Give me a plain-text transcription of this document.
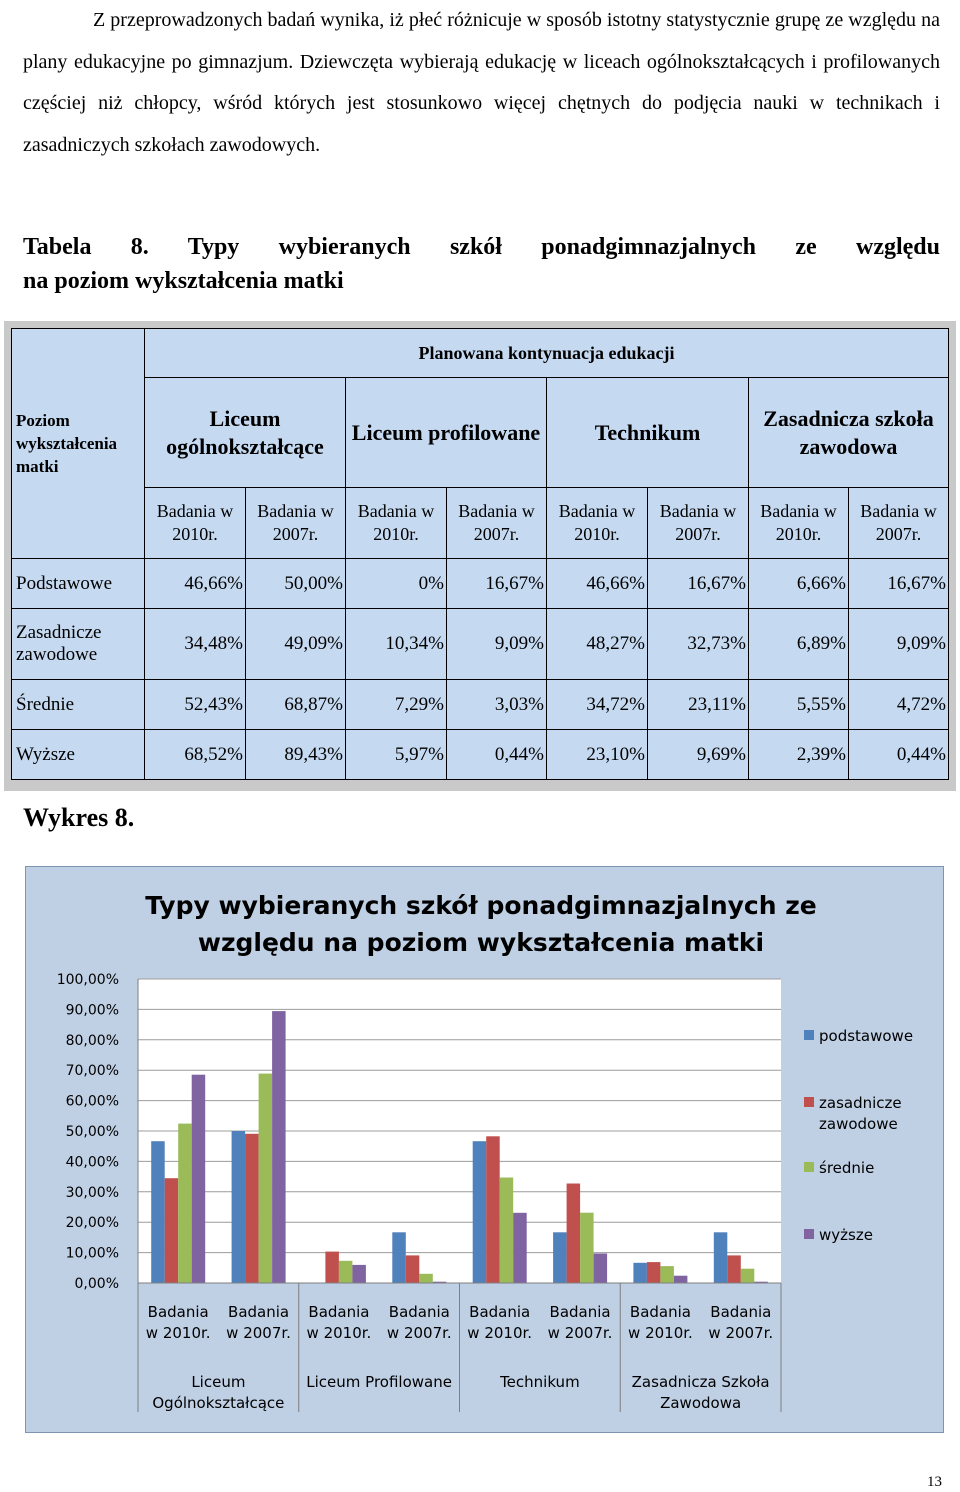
Z przeprowadzonych badań wynika, iż płeć różnicuje w sposób istotny statystycznie grupę ze względu na plany edukacyjne po gimnazjum. Dziewczęta wybierają edukację w liceach ogólnokształcących i profilowanych częściej niż chłopcy, wśród których jest stosunkowo więcej chętnych do podjęcia nauki w technikach i zasadniczych szkołach zawodowych.

Tabela 8. Typy wybieranych szkół ponadgimnazjalnych ze względu

na poziom wykształcenia matki

Poziom wykształcenia matki	Planowana kontynuacja edukacji							
	Liceum ogólnokształcące		Liceum profilowane		Technikum		Zasadnicza szkoła zawodowa	
	Badania w 2010r.	Badania w 2007r.	Badania w 2010r.	Badania w 2007r.	Badania w 2010r.	Badania w 2007r.	Badania w 2010r.	Badania w 2007r.
Podstawowe	46,66%	50,00%	0%	16,67%	46,66%	16,67%	6,66%	16,67%
Zasadnicze zawodowe	34,48%	49,09%	10,34%	9,09%	48,27%	32,73%	6,89%	9,09%
Średnie	52,43%	68,87%	7,29%	3,03%	34,72%	23,11%	5,55%	4,72%
Wyższe	68,52%	89,43%	5,97%	0,44%	23,10%	9,69%	2,39%	0,44%

Wykres 8.

Typy wybieranych szkół ponadgimnazjalnych ze
względu na poziom wykształcenia matki
0,00%
10,00%
20,00%
30,00%
40,00%
50,00%
60,00%
70,00%
80,00%
90,00%
100,00%
Badania
w 2010r.
Badania
w 2007r.
Badania
w 2010r.
Badania
w 2007r.
Badania
w 2010r.
Badania
w 2007r.
Badania
w 2010r.
Badania
w 2007r.
Liceum
Ogólnokształcące
Liceum Profilowane	Technikum	Zasadnicza Szkoła
Zawodowa
podstawowe
zasadnicze
zawodowe
średnie
wyższe

13
